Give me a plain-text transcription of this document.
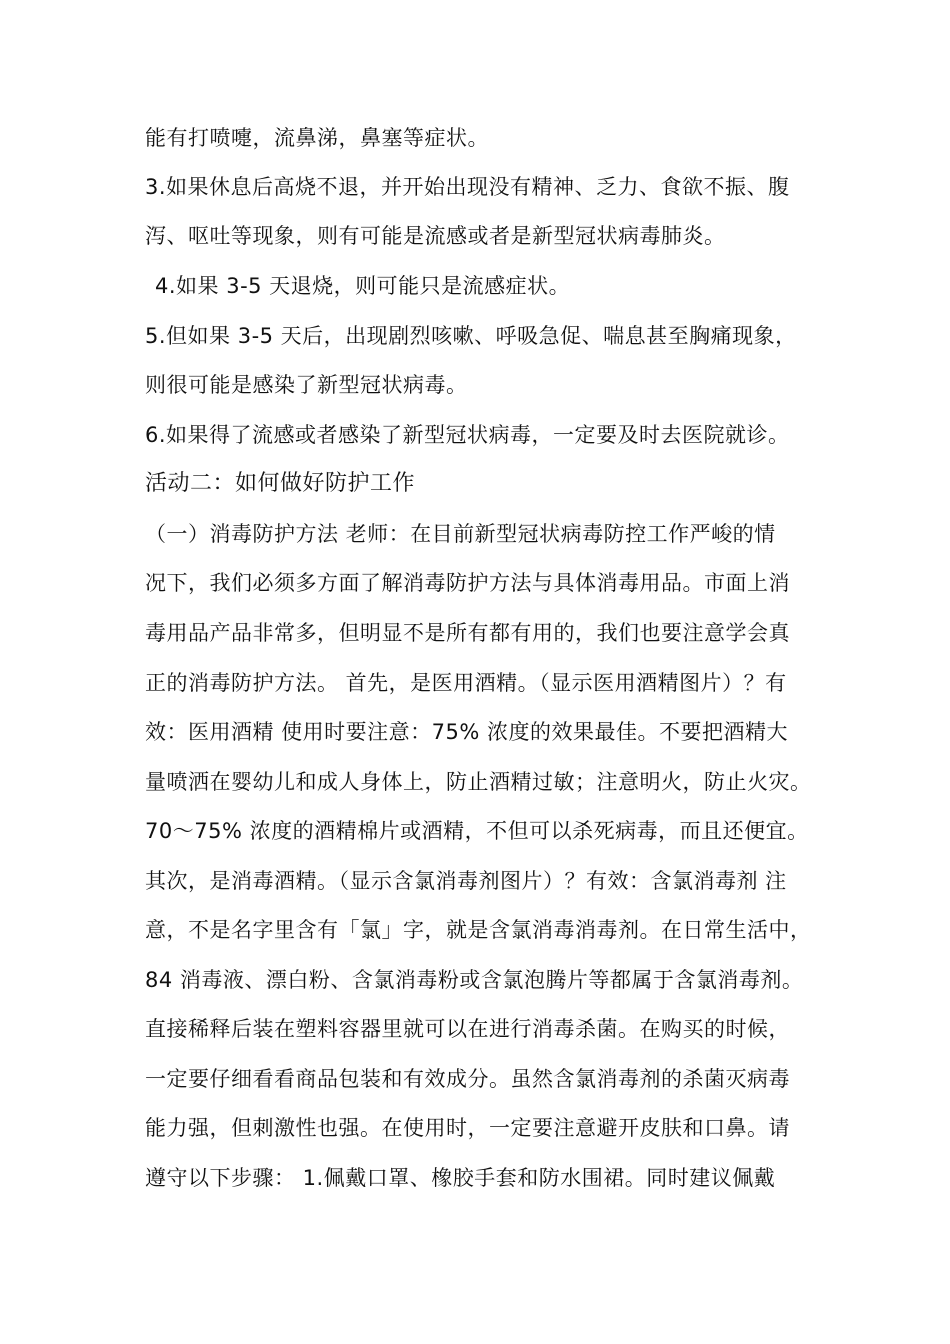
能有打喷嚏，流鼻涕，鼻塞等症状。
3.如果休息后高烧不退，并开始出现没有精神、乏力、食欲不振、腹
泻、呕吐等现象，则有可能是流感或者是新型冠状病毒肺炎。
4.如果 3-5 天退烧，则可能只是流感症状。
5.但如果 3-5 天后，出现剧烈咳嗽、呼吸急促、喘息甚至胸痛现象，
则很可能是感染了新型冠状病毒。
6.如果得了流感或者感染了新型冠状病毒，一定要及时去医院就诊。
活动二：如何做好防护工作
（一）消毒防护方法 老师：在目前新型冠状病毒防控工作严峻的情
况下，我们必须多方面了解消毒防护方法与具体消毒用品。市面上消
毒用品产品非常多，但明显不是所有都有用的，我们也要注意学会真
正的消毒防护方法。 首先，是医用酒精。（显示医用酒精图片）？有
效：医用酒精 使用时要注意：75% 浓度的效果最佳。不要把酒精大
量喷洒在婴幼儿和成人身体上，防止酒精过敏；注意明火，防止火灾。
70～75% 浓度的酒精棉片或酒精，不但可以杀死病毒，而且还便宜。
其次，是消毒酒精。（显示含氯消毒剂图片）？有效：含氯消毒剂 注
意，不是名字里含有「氯」字，就是含氯消毒消毒剂。在日常生活中，
84 消毒液、漂白粉、含氯消毒粉或含氯泡腾片等都属于含氯消毒剂。
直接稀释后装在塑料容器里就可以在进行消毒杀菌。在购买的时候，
一定要仔细看看商品包装和有效成分。虽然含氯消毒剂的杀菌灭病毒
能力强，但刺激性也强。在使用时，一定要注意避开皮肤和口鼻。请
遵守以下步骤： 1.佩戴口罩、橡胶手套和防水围裙。同时建议佩戴
